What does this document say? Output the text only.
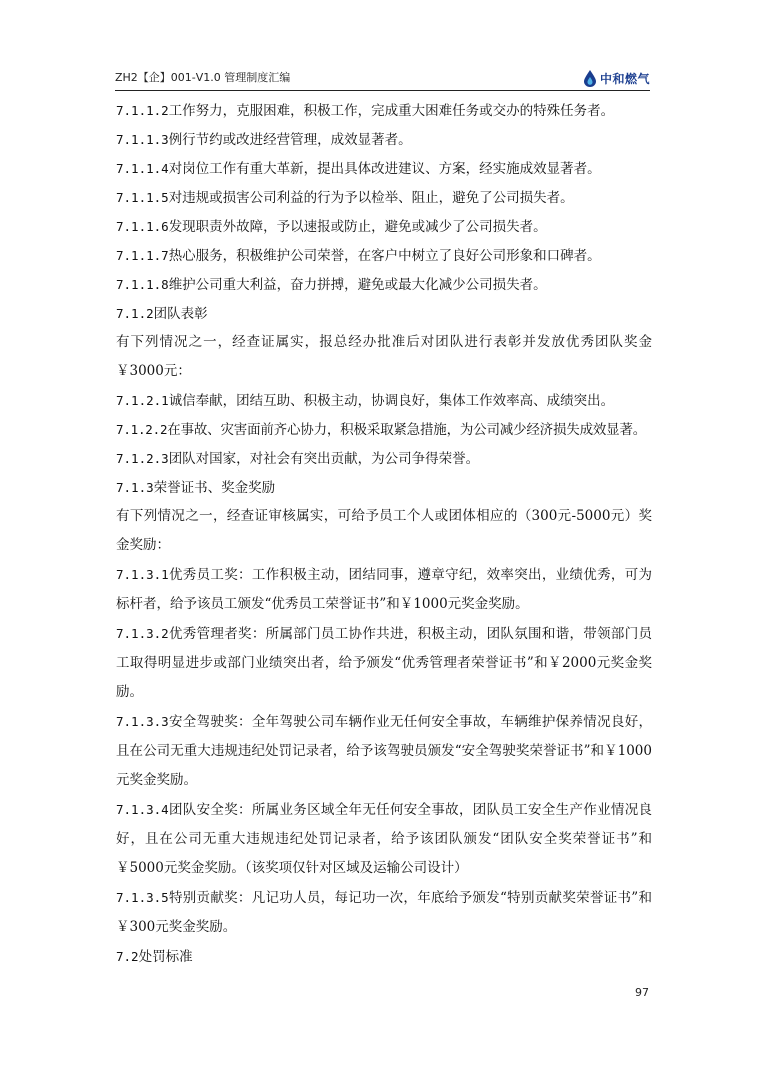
ZH2【企】001-V1.0 管理制度汇编	中和燃气
7.1.1.2工作努力，克服困难，积极工作，完成重大困难任务或交办的特殊任务者。
7.1.1.3例行节约或改进经营管理，成效显著者。
7.1.1.4对岗位工作有重大革新，提出具体改进建议、方案，经实施成效显著者。
7.1.1.5对违规或损害公司利益的行为予以检举、阻止，避免了公司损失者。
7.1.1.6发现职责外故障，予以速报或防止，避免或减少了公司损失者。
7.1.1.7热心服务，积极维护公司荣誉，在客户中树立了良好公司形象和口碑者。
7.1.1.8维护公司重大利益，奋力拼搏，避免或最大化减少公司损失者。
7.1.2团队表彰
有下列情况之一，经查证属实，报总经办批准后对团队进行表彰并发放优秀团队奖金￥3000元：
7.1.2.1诚信奉献，团结互助、积极主动，协调良好，集体工作效率高、成绩突出。
7.1.2.2在事故、灾害面前齐心协力，积极采取紧急措施，为公司减少经济损失成效显著。
7.1.2.3团队对国家，对社会有突出贡献，为公司争得荣誉。
7.1.3荣誉证书、奖金奖励
有下列情况之一，经查证审核属实，可给予员工个人或团体相应的（300元-5000元）奖金奖励：
7.1.3.1优秀员工奖：工作积极主动，团结同事，遵章守纪，效率突出，业绩优秀，可为标杆者，给予该员工颁发“优秀员工荣誉证书”和￥1000元奖金奖励。
7.1.3.2优秀管理者奖：所属部门员工协作共进，积极主动，团队氛围和谐，带领部门员工取得明显进步或部门业绩突出者，给予颁发“优秀管理者荣誉证书”和￥2000元奖金奖励。
7.1.3.3安全驾驶奖：全年驾驶公司车辆作业无任何安全事故，车辆维护保养情况良好，且在公司无重大违规违纪处罚记录者，给予该驾驶员颁发“安全驾驶奖荣誉证书”和￥1000元奖金奖励。
7.1.3.4团队安全奖：所属业务区域全年无任何安全事故，团队员工安全生产作业情况良好，且在公司无重大违规违纪处罚记录者，给予该团队颁发“团队安全奖荣誉证书”和￥5000元奖金奖励。（该奖项仅针对区域及运输公司设计）
7.1.3.5特别贡献奖：凡记功人员，每记功一次，年底给予颁发“特别贡献奖荣誉证书”和￥300元奖金奖励。
7.2处罚标准
97
